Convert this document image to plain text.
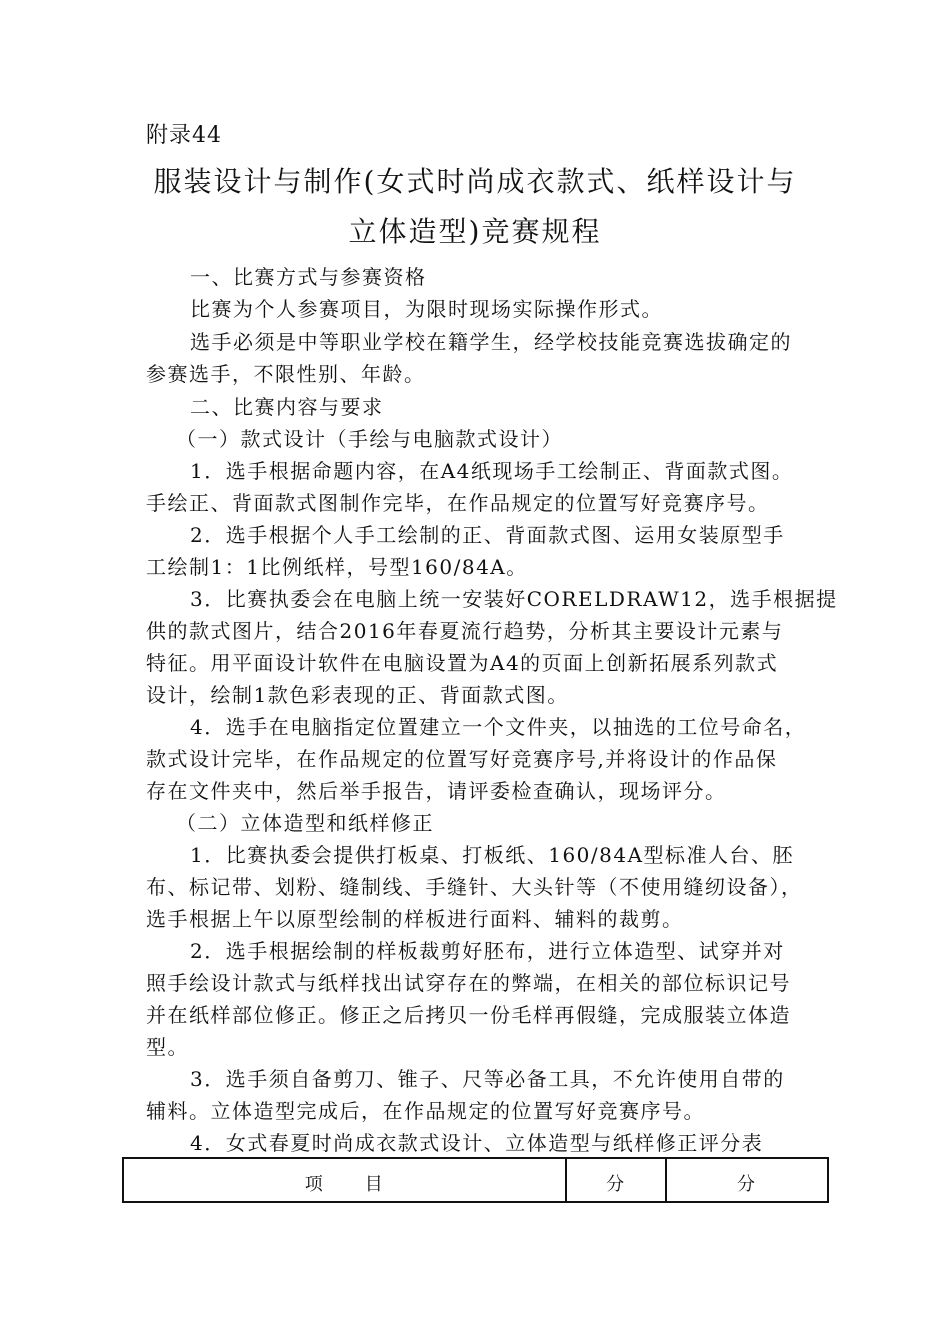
附录44
服装设计与制作(女式时尚成衣款式、纸样设计与
立体造型)竞赛规程
一、比赛方式与参赛资格
比赛为个人参赛项目，为限时现场实际操作形式。
选手必须是中等职业学校在籍学生，经学校技能竞赛选拔确定的
参赛选手，不限性别、年龄。
二、比赛内容与要求
（一）款式设计（手绘与电脑款式设计）
1．选手根据命题内容，在A4纸现场手工绘制正、背面款式图。
手绘正、背面款式图制作完毕，在作品规定的位置写好竞赛序号。
2．选手根据个人手工绘制的正、背面款式图、运用女装原型手
工绘制1：1比例纸样，号型160/84A。
3．比赛执委会在电脑上统一安装好CORELDRAW12，选手根据提
供的款式图片，结合2016年春夏流行趋势，分析其主要设计元素与
特征。用平面设计软件在电脑设置为A4的页面上创新拓展系列款式
设计，绘制1款色彩表现的正、背面款式图。
4．选手在电脑指定位置建立一个文件夹，以抽选的工位号命名，
款式设计完毕，在作品规定的位置写好竞赛序号,并将设计的作品保
存在文件夹中，然后举手报告，请评委检查确认，现场评分。
（二）立体造型和纸样修正
1．比赛执委会提供打板桌、打板纸、160/84A型标准人台、胚
布、标记带、划粉、缝制线、手缝针、大头针等（不使用缝纫设备），
选手根据上午以原型绘制的样板进行面料、辅料的裁剪。
2．选手根据绘制的样板裁剪好胚布，进行立体造型、试穿并对
照手绘设计款式与纸样找出试穿存在的弊端，在相关的部位标识记号
并在纸样部位修正。修正之后拷贝一份毛样再假缝，完成服装立体造
型。
3．选手须自备剪刀、锥子、尺等必备工具，不允许使用自带的
辅料。立体造型完成后，在作品规定的位置写好竞赛序号。
4．女式春夏时尚成衣款式设计、立体造型与纸样修正评分表
项　　目	分	分
